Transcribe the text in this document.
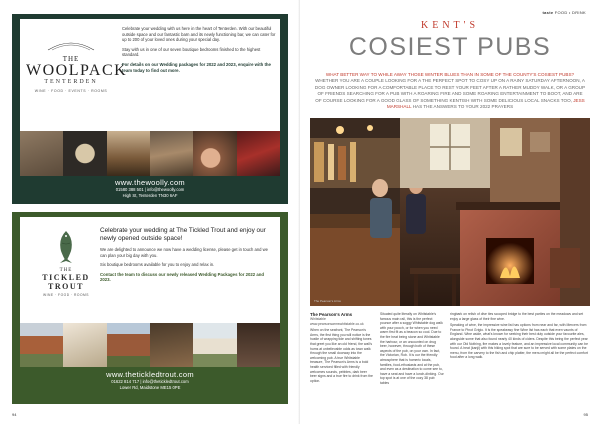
THE
WOOLPACK
TENTERDEN
WINE · FOOD · EVENTS · ROOMS

Celebrate your wedding with us here in the heart of Tenterden. With our beautiful outside space and our fantastic barn and its newly functioning bar, we can cater for up to 200 of your loved ones during your special day.

Stay with us in one of our seven boutique bedrooms finished to the highest standard.

For details on our Wedding packages for 2022 and 2023, enquire with the team today to find out more.

www.thewoolly.com
01580 388 501 | info@thewoolly.com
High St, Tenterden TN30 6AF
THE
TICKLED
TROUT
WINE · FOOD · ROOMS
Celebrate your wedding at The Tickled Trout and enjoy our newly opened outside space!

We are delighted to announce we now have a wedding license, please get in touch and we can plan your big day with you.

Six boutique bedrooms available for you to enjoy and relax in.

Contact the team to discuss our newly released Wedding Packages for 2022 and 2023.
www.thetickledtrout.com
01622 814 717 | info@thetickledtrout.com
Lower Rd, Maidstone ME15 0PE
94
taste FOOD • DRINK
KENT'S
COSIEST PUBS
WHAT BETTER WAY TO WHILE AWAY THOSE WINTER BLUES THAN IN SOME OF THE COUNTY'S COSIEST PUBS? WHETHER YOU ARE A COUPLE LOOKING FOR A THE PERFECT SPOT TO COSY UP ON A RAINY SATURDAY AFTERNOON, A DOG OWNER LOOKING FOR A COMFORTABLE PLACE TO REST YOUR FEET AFTER A RATHER MUDDY WALK, OR A GROUP OF FRIENDS SEARCHING FOR A PUB WITH A ROARING FIRE AND SOME ROARING ENTERTAINMENT TO BOOT, AND ARE OF COURSE LOOKING FOR A GOOD GLASS OF SOMETHING KENTISH WITH SOME DELICIOUS LOCAL SNACKS TOO, JESS MARSHALL HAS THE ANSWERS TO YOUR 2022 PRAYERS
The Pearson's Arms
The Pearson's Arms
Whitstable
www.pearsonsarmswhitstable.co.uk

When on the seafront, The Pearson's Arms, the first thing you will notice is the hustle of wrapping tide and shifting tones that greet you like an old friend, the wall's hums at unbelievable odds as town walk through the small doorway into the welcoming pub. A true Whitstable treasure, The Pearson's Arms is a bold health serviced filled with friendly welcomes sounds, pebbles, dark beer beer signs and a true fire to drink from the option.

Situated quite literally on Whitstable's famous main rail, this is the perfect pounce after a soggy Whitstable dog walk with your pooch, or for when you need warm first fit as a beacon so cool. Due to the fire heat being stone and Whitstable the harbour, or an uncounted on drug beer, however, through both of these aspects of the pub, on your own. In fact, the Victorian, Rob. It is our the friendly atmosphere that is homeric locals, families, food-ethusiasts and at the pub, and even as a destination to come see to, have a seat and have a lunch-dinking. Our top spot is at one of the cozy 38 pub tables

ringbark on relish of dive ties scooped bridge to the best parties on the meadows and set enjoy a large glass of their fine wine.

Speaking of wine, the impressive wine list has options from near and far, with Mercers from France to Pinot Grigio. It is the speakeasy fine Wine list has each that even vaunts of England. Wine aside, what's known for seeking their best duty outside your favourite ales, alongside some that also found nearly 40 kinds of ciders. Despite this being the perfect year with our Old Nothing, fire makes a lovely feature, and an impressive local community can be found. A heat (kanji) with this hiking spot that are sure to be served with some plates on the menu, from the carvery to the fish and chip platter, the menu might all be the perfect comfort food after a long walk.

95
